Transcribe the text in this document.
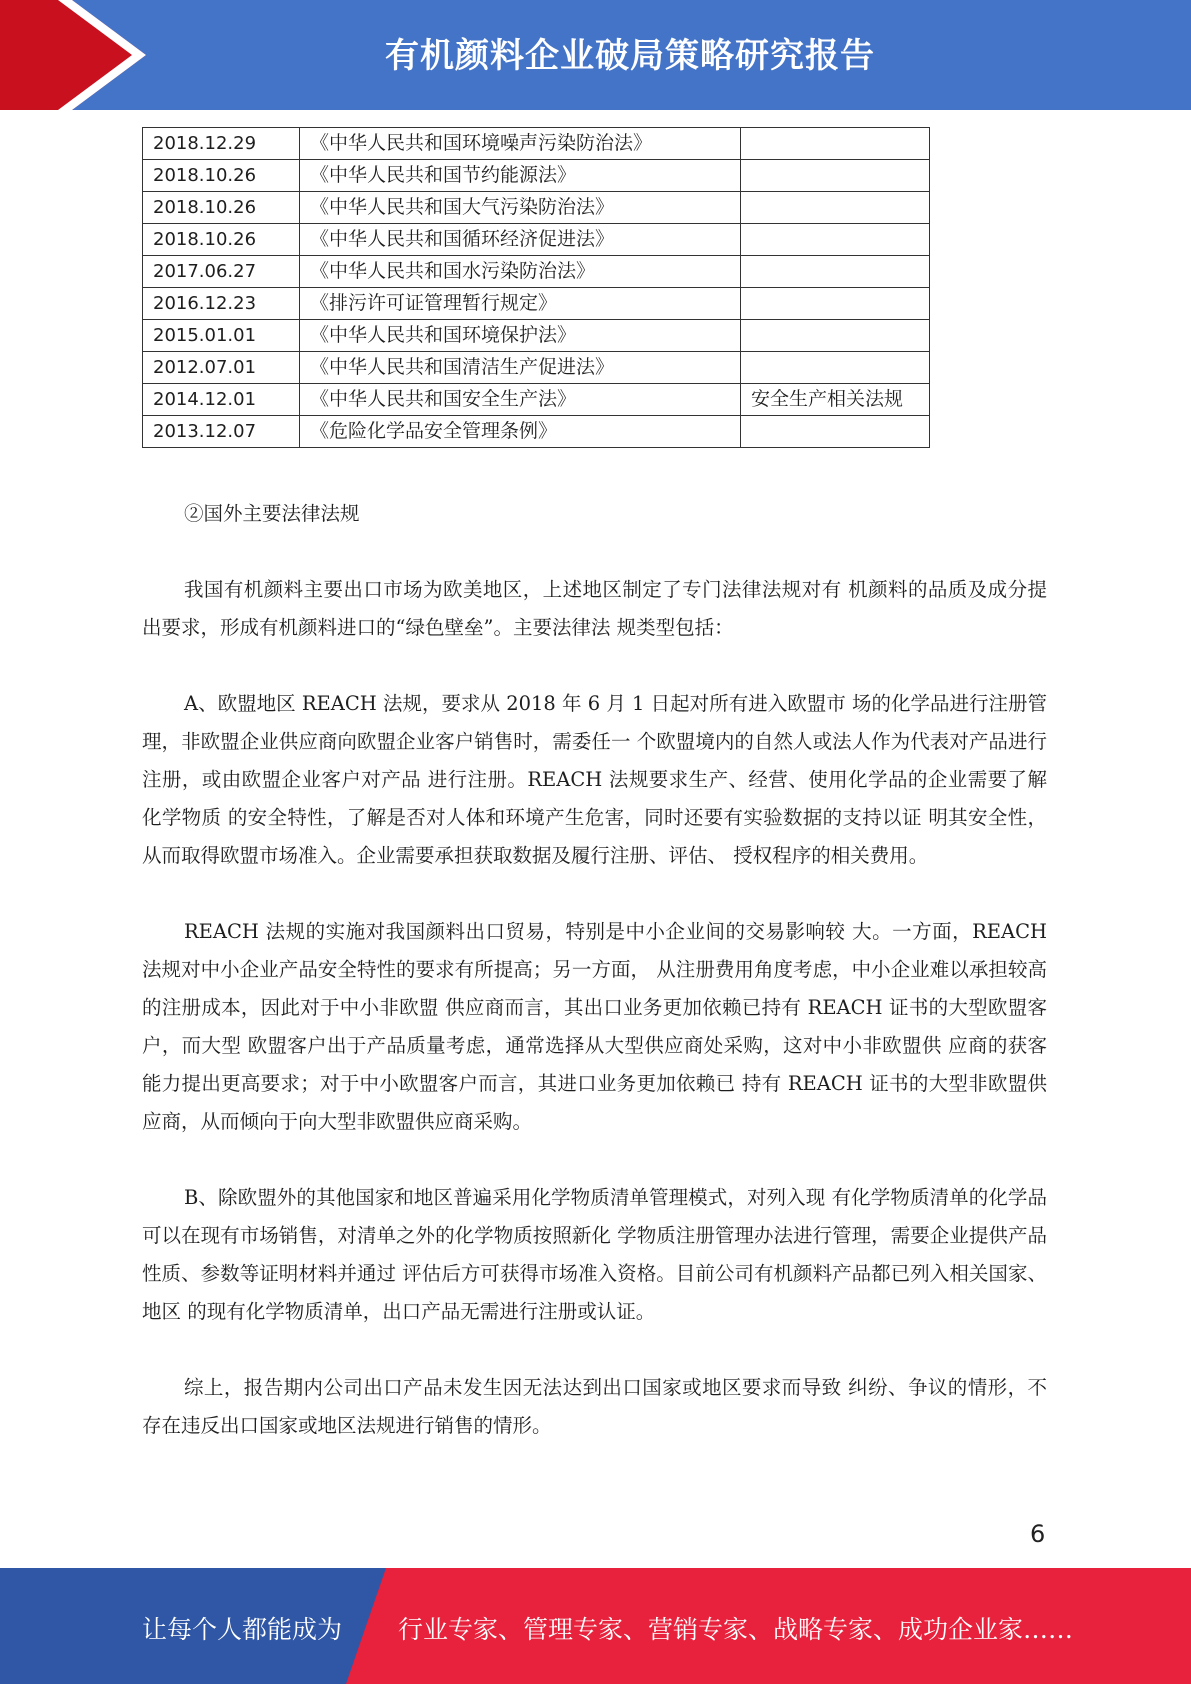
有机颜料企业破局策略研究报告
2018.12.29	《中华人民共和国环境噪声污染防治法》	
2018.10.26	《中华人民共和国节约能源法》	
2018.10.26	《中华人民共和国大气污染防治法》	
2018.10.26	《中华人民共和国循环经济促进法》	
2017.06.27	《中华人民共和国水污染防治法》	
2016.12.23	《排污许可证管理暂行规定》	
2015.01.01	《中华人民共和国环境保护法》	
2012.07.01	《中华人民共和国清洁生产促进法》	
2014.12.01	《中华人民共和国安全生产法》	安全生产相关法规
2013.12.07	《危险化学品安全管理条例》	
②国外主要法律法规

我国有机颜料主要出口市场为欧美地区，上述地区制定了专门法律法规对有 机颜料的品质及成分提出要求，形成有机颜料进口的“绿色壁垒”。主要法律法 规类型包括：

A、欧盟地区 REACH 法规，要求从 2018 年 6 月 1 日起对所有进入欧盟市 场的化学品进行注册管理，非欧盟企业供应商向欧盟企业客户销售时，需委任一 个欧盟境内的自然人或法人作为代表对产品进行注册，或由欧盟企业客户对产品 进行注册。REACH 法规要求生产、经营、使用化学品的企业需要了解化学物质 的安全特性，了解是否对人体和环境产生危害，同时还要有实验数据的支持以证 明其安全性，从而取得欧盟市场准入。企业需要承担获取数据及履行注册、评估、 授权程序的相关费用。

REACH 法规的实施对我国颜料出口贸易，特别是中小企业间的交易影响较 大。一方面，REACH 法规对中小企业产品安全特性的要求有所提高；另一方面， 从注册费用角度考虑，中小企业难以承担较高的注册成本，因此对于中小非欧盟 供应商而言，其出口业务更加依赖已持有 REACH 证书的大型欧盟客户，而大型 欧盟客户出于产品质量考虑，通常选择从大型供应商处采购，这对中小非欧盟供 应商的获客能力提出更高要求；对于中小欧盟客户而言，其进口业务更加依赖已 持有 REACH 证书的大型非欧盟供应商，从而倾向于向大型非欧盟供应商采购。

B、除欧盟外的其他国家和地区普遍采用化学物质清单管理模式，对列入现 有化学物质清单的化学品可以在现有市场销售，对清单之外的化学物质按照新化 学物质注册管理办法进行管理，需要企业提供产品性质、参数等证明材料并通过 评估后方可获得市场准入资格。目前公司有机颜料产品都已列入相关国家、地区 的现有化学物质清单，出口产品无需进行注册或认证。

综上，报告期内公司出口产品未发生因无法达到出口国家或地区要求而导致 纠纷、争议的情形，不存在违反出口国家或地区法规进行销售的情形。

6
让每个人都能成为 行业专家、管理专家、营销专家、战略专家、成功企业家……
